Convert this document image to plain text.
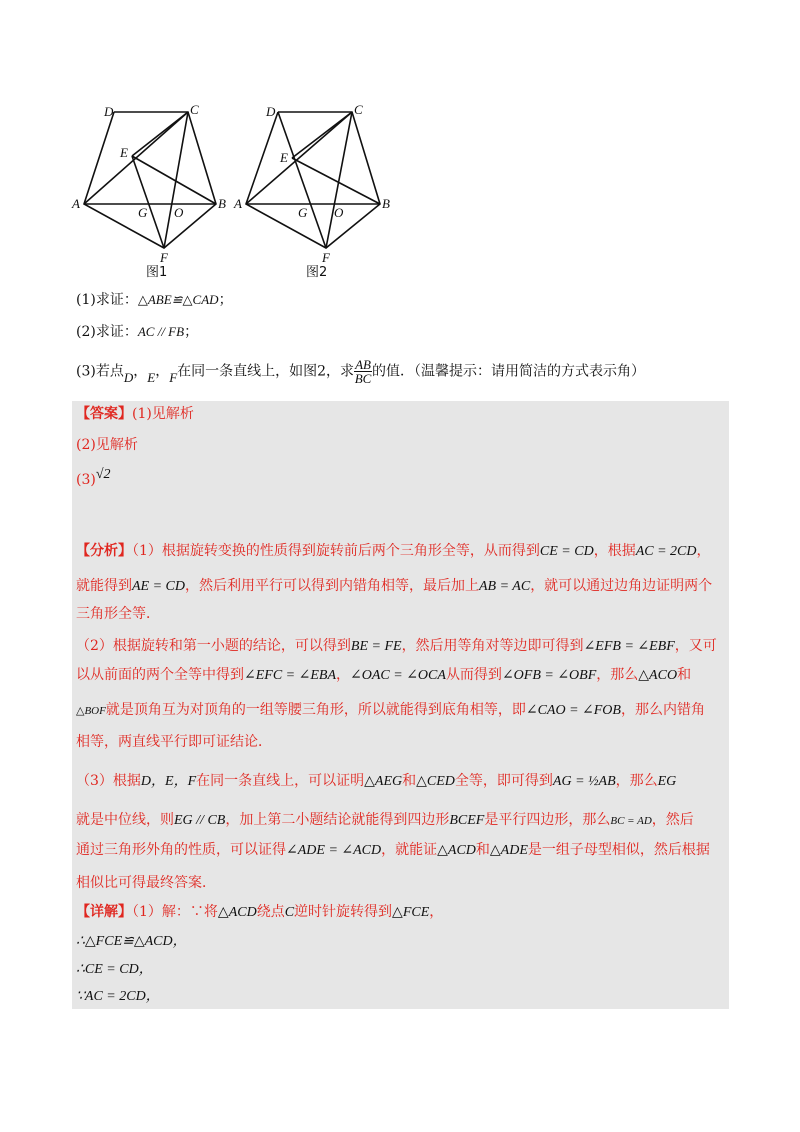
D	C
E
A
G O
B
F
图1
D	C
E
A
G O
B
F
图2
(1)求证：△ABE≌△CAD；
(2)求证：AC // FB；
(3)若点D，E，F在同一条直线上，如图2，求 $\frac{AB}{BC}$ 的值．（温馨提示：请用简洁的方式表示角）
【答案】(1)见解析
(2)见解析
(3)√2
【分析】（1）根据旋转变换的性质得到旋转前后两个三角形全等，从而得到CE = CD，根据AC = 2CD，
就能得到AE = CD，然后利用平行可以得到内错角相等，最后加上AB = AC，就可以通过边角边证明两个
三角形全等．
（2）根据旋转和第一小题的结论，可以得到BE = FE，然后用等角对等边即可得到∠EFB = ∠EBF，又可
以从前面的两个全等中得到∠EFC = ∠EBA，∠OAC = ∠OCA从而得到∠OFB = ∠OBF，那么△ACO和
△BOF就是顶角互为对顶角的一组等腰三角形，所以就能得到底角相等，即∠CAO = ∠FOB，那么内错角
相等，两直线平行即可证结论．
（3）根据D，E，F在同一条直线上，可以证明△AEG和△CED全等，即可得到AG = ½AB，那么EG
就是中位线，则EG // CB，加上第二小题结论就能得到四边形BCEF是平行四边形，那么BC = AD，然后
通过三角形外角的性质，可以证得∠ADE = ∠ACD，就能证△ACD和△ADE是一组子母型相似，然后根据
相似比可得最终答案．
【详解】（1）解：∵将△ACD绕点C逆时针旋转得到△FCE，
∴△FCE≌△ACD，
∴CE = CD，
∵AC = 2CD，
